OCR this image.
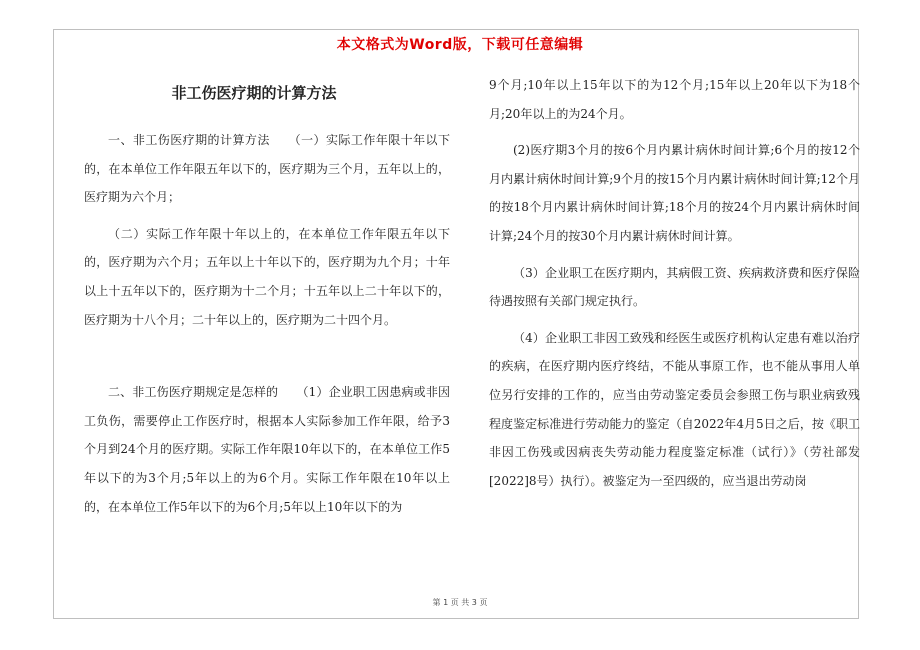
本文格式为Word版，下载可任意编辑
非工伤医疗期的计算方法

一、非工伤医疗期的计算方法　　（一）实际工作年限十年以下的，在本单位工作年限五年以下的，医疗期为三个月，五年以上的，医疗期为六个月；

（二）实际工作年限十年以上的，在本单位工作年限五年以下的，医疗期为六个月；五年以上十年以下的，医疗期为九个月；十年以上十五年以下的，医疗期为十二个月；十五年以上二十年以下的，医疗期为十八个月；二十年以上的，医疗期为二十四个月。

二、非工伤医疗期规定是怎样的　　（1）企业职工因患病或非因工负伤，需要停止工作医疗时，根据本人实际参加工作年限，给予3个月到24个月的医疗期。实际工作年限10年以下的，在本单位工作5年以下的为3个月;5年以上的为6个月。实际工作年限在10年以上的，在本单位工作5年以下的为6个月;5年以上10年以下的为

9个月;10年以上15年以下的为12个月;15年以上20年以下为18个月;20年以上的为24个月。

(2)医疗期3个月的按6个月内累计病休时间计算;6个月的按12个月内累计病休时间计算;9个月的按15个月内累计病休时间计算;12个月的按18个月内累计病休时间计算;18个月的按24个月内累计病休时间计算;24个月的按30个月内累计病休时间计算。

（3）企业职工在医疗期内，其病假工资、疾病救济费和医疗保险待遇按照有关部门规定执行。

（4）企业职工非因工致残和经医生或医疗机构认定患有难以治疗的疾病，在医疗期内医疗终结，不能从事原工作，也不能从事用人单位另行安排的工作的，应当由劳动鉴定委员会参照工伤与职业病致残程度鉴定标准进行劳动能力的鉴定（自2022年4月5日之后，按《职工非因工伤残或因病丧失劳动能力程度鉴定标准（试行）》（劳社部发[2022]8号）执行）。被鉴定为一至四级的，应当退出劳动岗

第 1 页 共 3 页
